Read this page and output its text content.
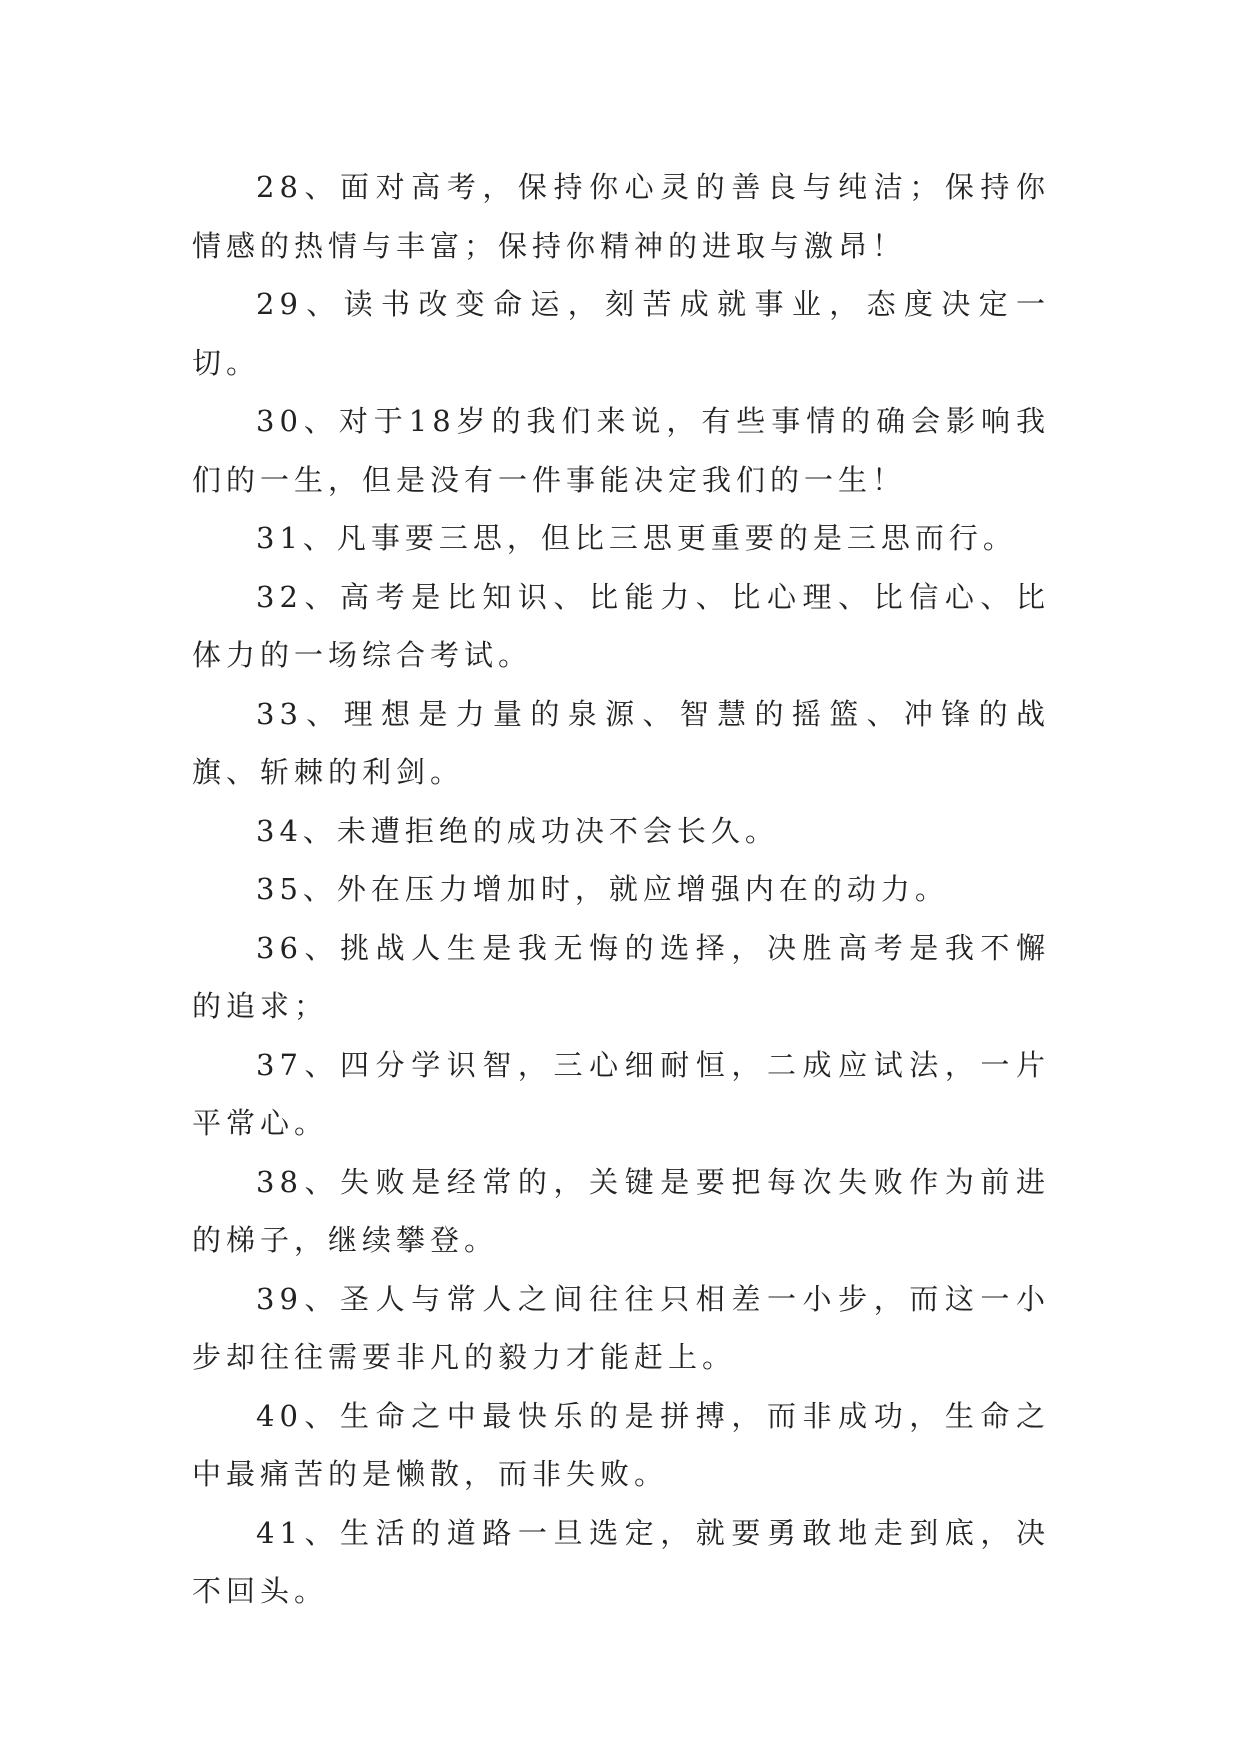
28、面对高考，保持你心灵的善良与纯洁；保持你情感的热情与丰富；保持你精神的进取与激昂！

29、读书改变命运，刻苦成就事业，态度决定一切。

30、对于18岁的我们来说，有些事情的确会影响我们的一生，但是没有一件事能决定我们的一生！

31、凡事要三思，但比三思更重要的是三思而行。

32、高考是比知识、比能力、比心理、比信心、比体力的一场综合考试。

33、理想是力量的泉源、智慧的摇篮、冲锋的战旗、斩棘的利剑。

34、未遭拒绝的成功决不会长久。

35、外在压力增加时，就应增强内在的动力。

36、挑战人生是我无悔的选择，决胜高考是我不懈的追求；

37、四分学识智，三心细耐恒，二成应试法，一片平常心。

38、失败是经常的，关键是要把每次失败作为前进的梯子，继续攀登。

39、圣人与常人之间往往只相差一小步，而这一小步却往往需要非凡的毅力才能赶上。

40、生命之中最快乐的是拼搏，而非成功，生命之中最痛苦的是懒散，而非失败。

41、生活的道路一旦选定，就要勇敢地走到底，决不回头。
